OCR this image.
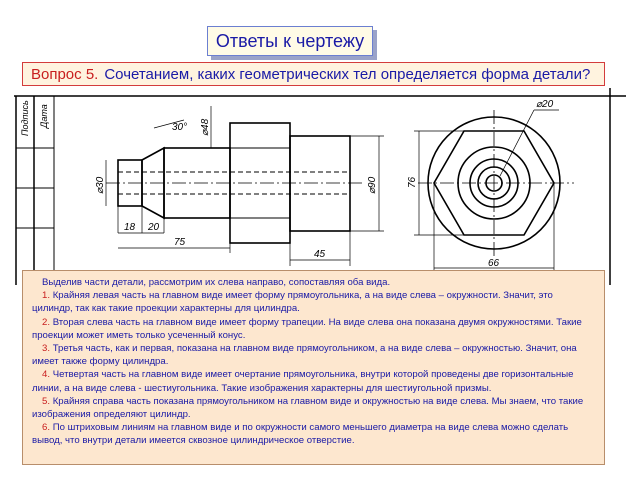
Ответы к чертежу
Вопрос 5. Сочетанием, каких геометрических тел определяется форма детали?
Подпись Дата	30° ⌀48
⌀30	⌀90
18 20
75
45
76
66
⌀20

Выделив части детали, рассмотрим их слева направо, сопоставляя оба вида.

1. Крайняя левая часть на главном виде имеет форму прямоугольника, а на виде слева – окружности. Значит, это цилиндр, так как такие проекции характерны для цилиндра.

2. Вторая слева часть на главном виде имеет форму трапеции. На виде слева она показана двумя окружностями. Такие проекции может иметь только усеченный конус.

3. Третья часть, как и первая, показана на главном виде прямоугольником, а на виде слева – окружностью. Значит, она имеет также форму цилиндра.

4. Четвертая часть на главном виде имеет очертание прямоугольника, внутри которой проведены две горизонтальные линии, а на виде слева - шестиугольника. Такие изображения характерны для шестиугольной призмы.

5. Крайняя справа часть показана прямоугольником на главном виде и окружностью на виде слева. Мы знаем, что такие изображения определяют цилиндр.

6. По штриховым линиям на главном виде и по окружности самого меньшего диаметра на виде слева можно сделать вывод, что внутри детали имеется сквозное цилиндрическое отверстие.
